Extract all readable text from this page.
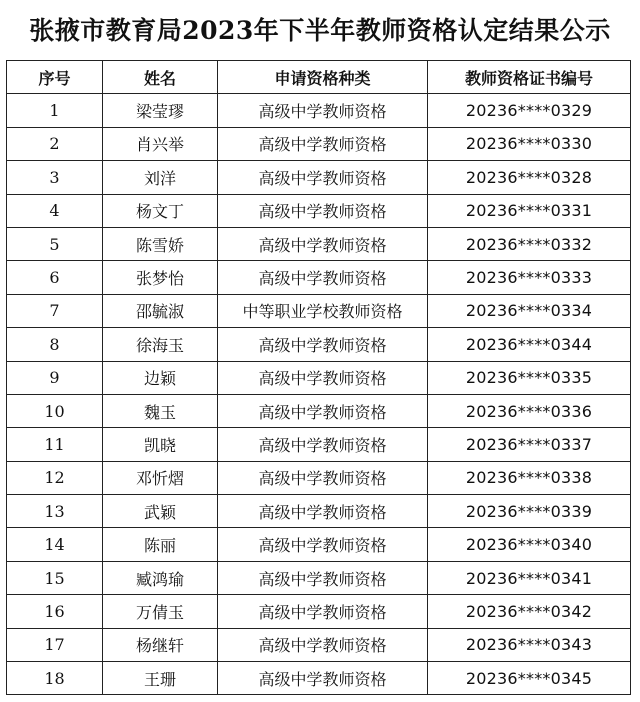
张掖市教育局2023年下半年教师资格认定结果公示
序号	姓名	申请资格种类	教师资格证书编号
1	梁莹璆	高级中学教师资格	20236****0329
2	肖兴举	高级中学教师资格	20236****0330
3	刘洋	高级中学教师资格	20236****0328
4	杨文丁	高级中学教师资格	20236****0331
5	陈雪娇	高级中学教师资格	20236****0332
6	张梦怡	高级中学教师资格	20236****0333
7	邵毓淑	中等职业学校教师资格	20236****0334
8	徐海玉	高级中学教师资格	20236****0344
9	边颖	高级中学教师资格	20236****0335
10	魏玉	高级中学教师资格	20236****0336
11	凯晓	高级中学教师资格	20236****0337
12	邓忻熠	高级中学教师资格	20236****0338
13	武颖	高级中学教师资格	20236****0339
14	陈丽	高级中学教师资格	20236****0340
15	臧鸿瑜	高级中学教师资格	20236****0341
16	万倩玉	高级中学教师资格	20236****0342
17	杨继轩	高级中学教师资格	20236****0343
18	王珊	高级中学教师资格	20236****0345
